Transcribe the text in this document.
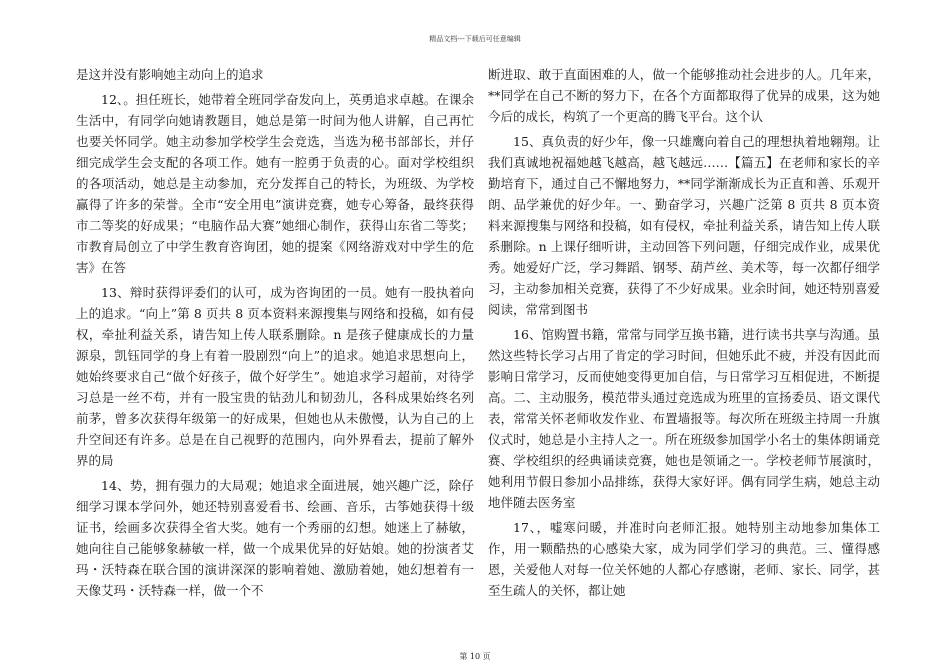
精品文档---下载后可任意编辑

是这并没有影响她主动向上的追求

12、。担任班长，她带着全班同学奋发向上，英勇追求卓越。在课余生活中，有同学向她请教题目，她总是第一时间为他人讲解，自己再忙也要关怀同学。她主动参加学校学生会竞选，当选为秘书部部长，并仔细完成学生会支配的各项工作。她有一腔勇于负责的心。面对学校组织的各项活动，她总是主动参加，充分发挥自己的特长，为班级、为学校赢得了许多的荣誉。全市“安全用电”演讲竞赛，她专心筹备，最终获得市二等奖的好成果；“电脑作品大赛”她细心制作，获得山东省二等奖；市教育局创立了中学生教育咨询团，她的提案《网络游戏对中学生的危害》在答

13、辩时获得评委们的认可，成为咨询团的一员。她有一股执着向上的追求。“向上”第 8 页共 8 页本资料来源搜集与网络和投稿，如有侵权，牵扯利益关系，请告知上传人联系删除。n 是孩子健康成长的力量源泉，凯钰同学的身上有着一股剧烈“向上”的追求。她追求思想向上，她始终要求自己“做个好孩子，做个好学生”。她追求学习超前，对待学习总是一丝不苟，并有一股宝贵的钻劲儿和韧劲儿，各科成果始终名列前茅，曾多次获得年级第一的好成果，但她也从未傲慢，认为自己的上升空间还有许多。总是在自己视野的范围内，向外界看去，提前了解外界的局

14、势，拥有强力的大局观；她追求全面进展，她兴趣广泛，除仔细学习课本学问外，她还特别喜爱看书、绘画、音乐，古筝她获得十级证书，绘画多次获得全省大奖。她有一个秀丽的幻想。她迷上了赫敏，她向往自己能够象赫敏一样，做一个成果优异的好姑娘。她的扮演者艾玛・沃特森在联合国的演讲深深的影响着她、激励着她，她幻想着有一天像艾玛・沃特森一样，做一个不

断进取、敢于直面困难的人，做一个能够推动社会进步的人。几年来，**同学在自己不断的努力下，在各个方面都取得了优异的成果，这为她今后的成长，构筑了一个更高的腾飞平台。这个认

15、真负责的好少年，像一只雄鹰向着自己的理想执着地翱翔。让我们真诚地祝福她越飞越高，越飞越远……【篇五】在老师和家长的辛勤培育下，通过自己不懈地努力，**同学渐渐成长为正直和善、乐观开朗、品学兼优的好少年。一、勤奋学习，兴趣广泛第 8 页共 8 页本资料来源搜集与网络和投稿，如有侵权，牵扯利益关系，请告知上传人联系删除。n 上课仔细听讲，主动回答下列问题，仔细完成作业，成果优秀。她爱好广泛，学习舞蹈、钢琴、葫芦丝、美术等，每一次都仔细学习，主动参加相关竞赛，获得了不少好成果。业余时间，她还特别喜爱阅读，常常到图书

16、馆购置书籍，常常与同学互换书籍，进行读书共享与沟通。虽然这些特长学习占用了肯定的学习时间，但她乐此不疲，并没有因此而影响日常学习，反而使她变得更加自信，与日常学习互相促进，不断提高。二、主动服务，模范带头通过竞选成为班里的宣扬委员、语文课代表，常常关怀老师收发作业、布置墙报等。每次所在班级主持周一升旗仪式时，她总是小主持人之一。所在班级参加国学小名士的集体朗诵竞赛、学校组织的经典诵读竞赛，她也是领诵之一。学校老师节展演时，她利用节假日参加小品排练，获得大家好评。偶有同学生病，她总主动地伴随去医务室

17、，嘘寒问暖，并准时向老师汇报。她特别主动地参加集体工作，用一颗酷热的心感染大家，成为同学们学习的典范。三、懂得感恩，关爱他人对每一位关怀她的人都心存感谢，老师、家长、同学，甚至生疏人的关怀，都让她

第 10 页
